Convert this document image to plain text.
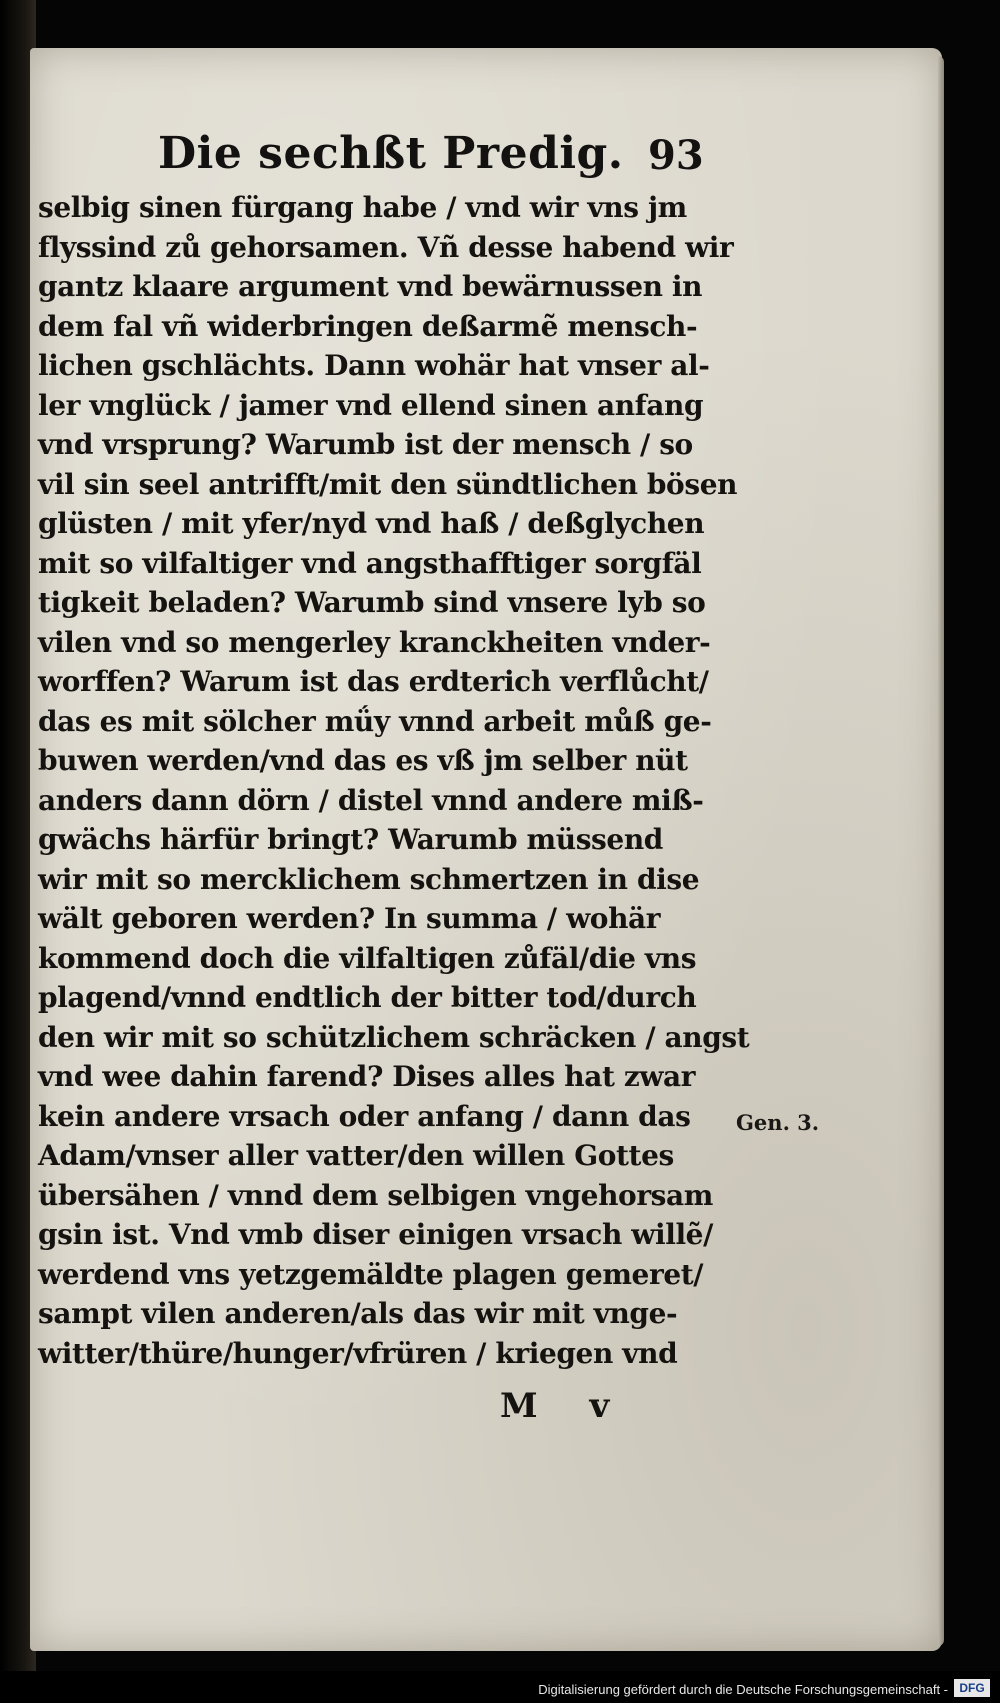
Die sechßt Predig. 93
selbig sinen fürgang habe / vnd wir vns jm
flyssind zů gehorsamen. Vñ desse habend wir
gantz klaare argument vnd bewärnussen in
dem fal vñ widerbringen deßarmẽ mensch-
lichen gschlächts. Dann wohär hat vnser al-
ler vnglück / jamer vnd ellend sinen anfang
vnd vrsprung? Warumb ist der mensch / so
vil sin seel antrifft/mit den sündtlichen bösen
glüsten / mit yfer/nyd vnd haß / deßglychen
mit so vilfaltiger vnd angsthafftiger sorgfäl
tigkeit beladen? Warumb sind vnsere lyb so
vilen vnd so mengerley kranckheiten vnder-
worffen? Warum ist das erdterich verflůcht/
das es mit sölcher mǘy vnnd arbeit můß ge-
buwen werden/vnd das es vß jm selber nüt
anders dann dörn / distel vnnd andere miß-
gwächs härfür bringt? Warumb müssend
wir mit so mercklichem schmertzen in dise
wält geboren werden? In summa / wohär
kommend doch die vilfaltigen zůfäl/die vns
plagend/vnnd endtlich der bitter tod/durch
den wir mit so schützlichem schräcken / angst
vnd wee dahin farend? Dises alles hat zwar
kein andere vrsach oder anfang / dann das
Adam/vnser aller vatter/den willen Gottes
übersähen / vnnd dem selbigen vngehorsam
gsin ist. Vnd vmb diser einigen vrsach willẽ/
werdend vns yetzgemäldte plagen gemeret/
sampt vilen anderen/als das wir mit vnge-
witter/thüre/hunger/vfrüren / kriegen vnd
Gen. 3.
M v
Digitalisierung gefördert durch die Deutsche Forschungsgemeinschaft - DFG
